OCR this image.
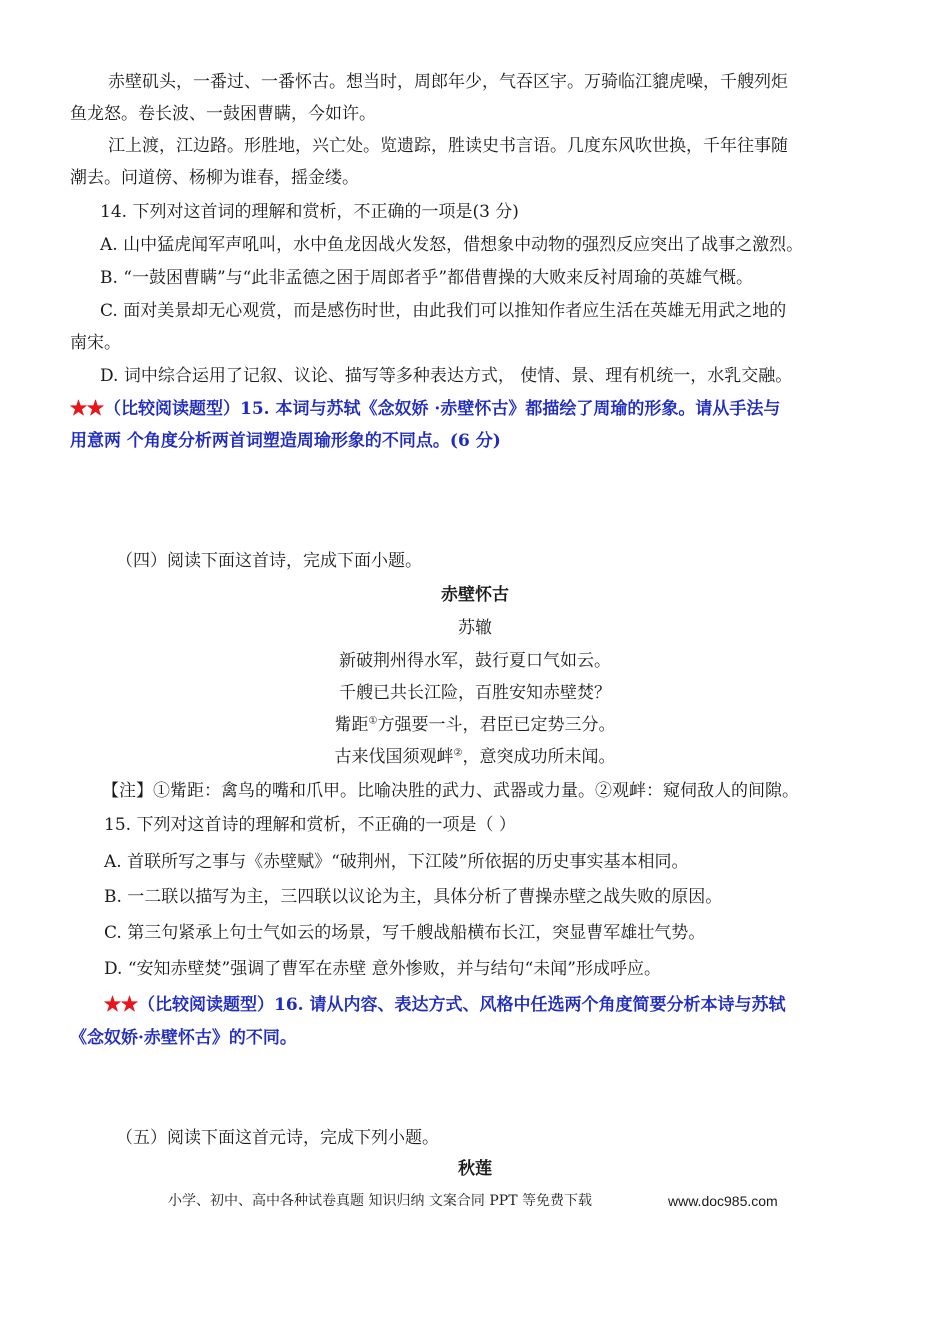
赤壁矶头，一番过、一番怀古。想当时，周郎年少，气吞区宇。万骑临江貔虎噪，千艘列炬
鱼龙怒。卷长波、一鼓困曹瞒，今如许。
江上渡，江边路。形胜地，兴亡处。览遗踪，胜读史书言语。几度东风吹世换，千年往事随
潮去。问道傍、杨柳为谁春，摇金缕。
14. 下列对这首词的理解和赏析，不正确的一项是(3 分)
A. 山中猛虎闻军声吼叫，水中鱼龙因战火发怒，借想象中动物的强烈反应突出了战事之激烈。
B. “一鼓困曹瞒”与“此非孟德之困于周郎者乎”都借曹操的大败来反衬周瑜的英雄气概。
C. 面对美景却无心观赏，而是感伤时世，由此我们可以推知作者应生活在英雄无用武之地的
南宋。
D. 词中综合运用了记叙、议论、描写等多种表达方式， 使情、景、理有机统一，水乳交融。
★★（比较阅读题型）15. 本词与苏轼《念奴娇 ·赤壁怀古》都描绘了周瑜的形象。请从手法与
用意两 个角度分析两首词塑造周瑜形象的不同点。(6 分)
（四）阅读下面这首诗，完成下面小题。
赤壁怀古
苏辙
新破荆州得水军，鼓行夏口气如云。
千艘已共长江险，百胜安知赤壁焚？
觜距①方强要一斗，君臣已定势三分。
古来伐国须观衅②，意突成功所未闻。
【注】①觜距：禽鸟的嘴和爪甲。比喻决胜的武力、武器或力量。②观衅：窥伺敌人的间隙。
15. 下列对这首诗的理解和赏析，不正确的一项是（ ）
A. 首联所写之事与《赤壁赋》“破荆州，下江陵”所依据的历史事实基本相同。
B. 一二联以描写为主，三四联以议论为主，具体分析了曹操赤壁之战失败的原因。
C. 第三句紧承上句士气如云的场景，写千艘战船横布长江，突显曹军雄壮气势。
D. “安知赤壁焚”强调了曹军在赤壁 意外惨败，并与结句“未闻”形成呼应。
★★（比较阅读题型）16. 请从内容、表达方式、风格中任选两个角度简要分析本诗与苏轼
《念奴娇·赤壁怀古》的不同。
（五）阅读下面这首元诗，完成下列小题。
秋莲
小学、初中、高中各种试卷真题 知识归纳 文案合同 PPT 等免费下载	www.doc985.com
